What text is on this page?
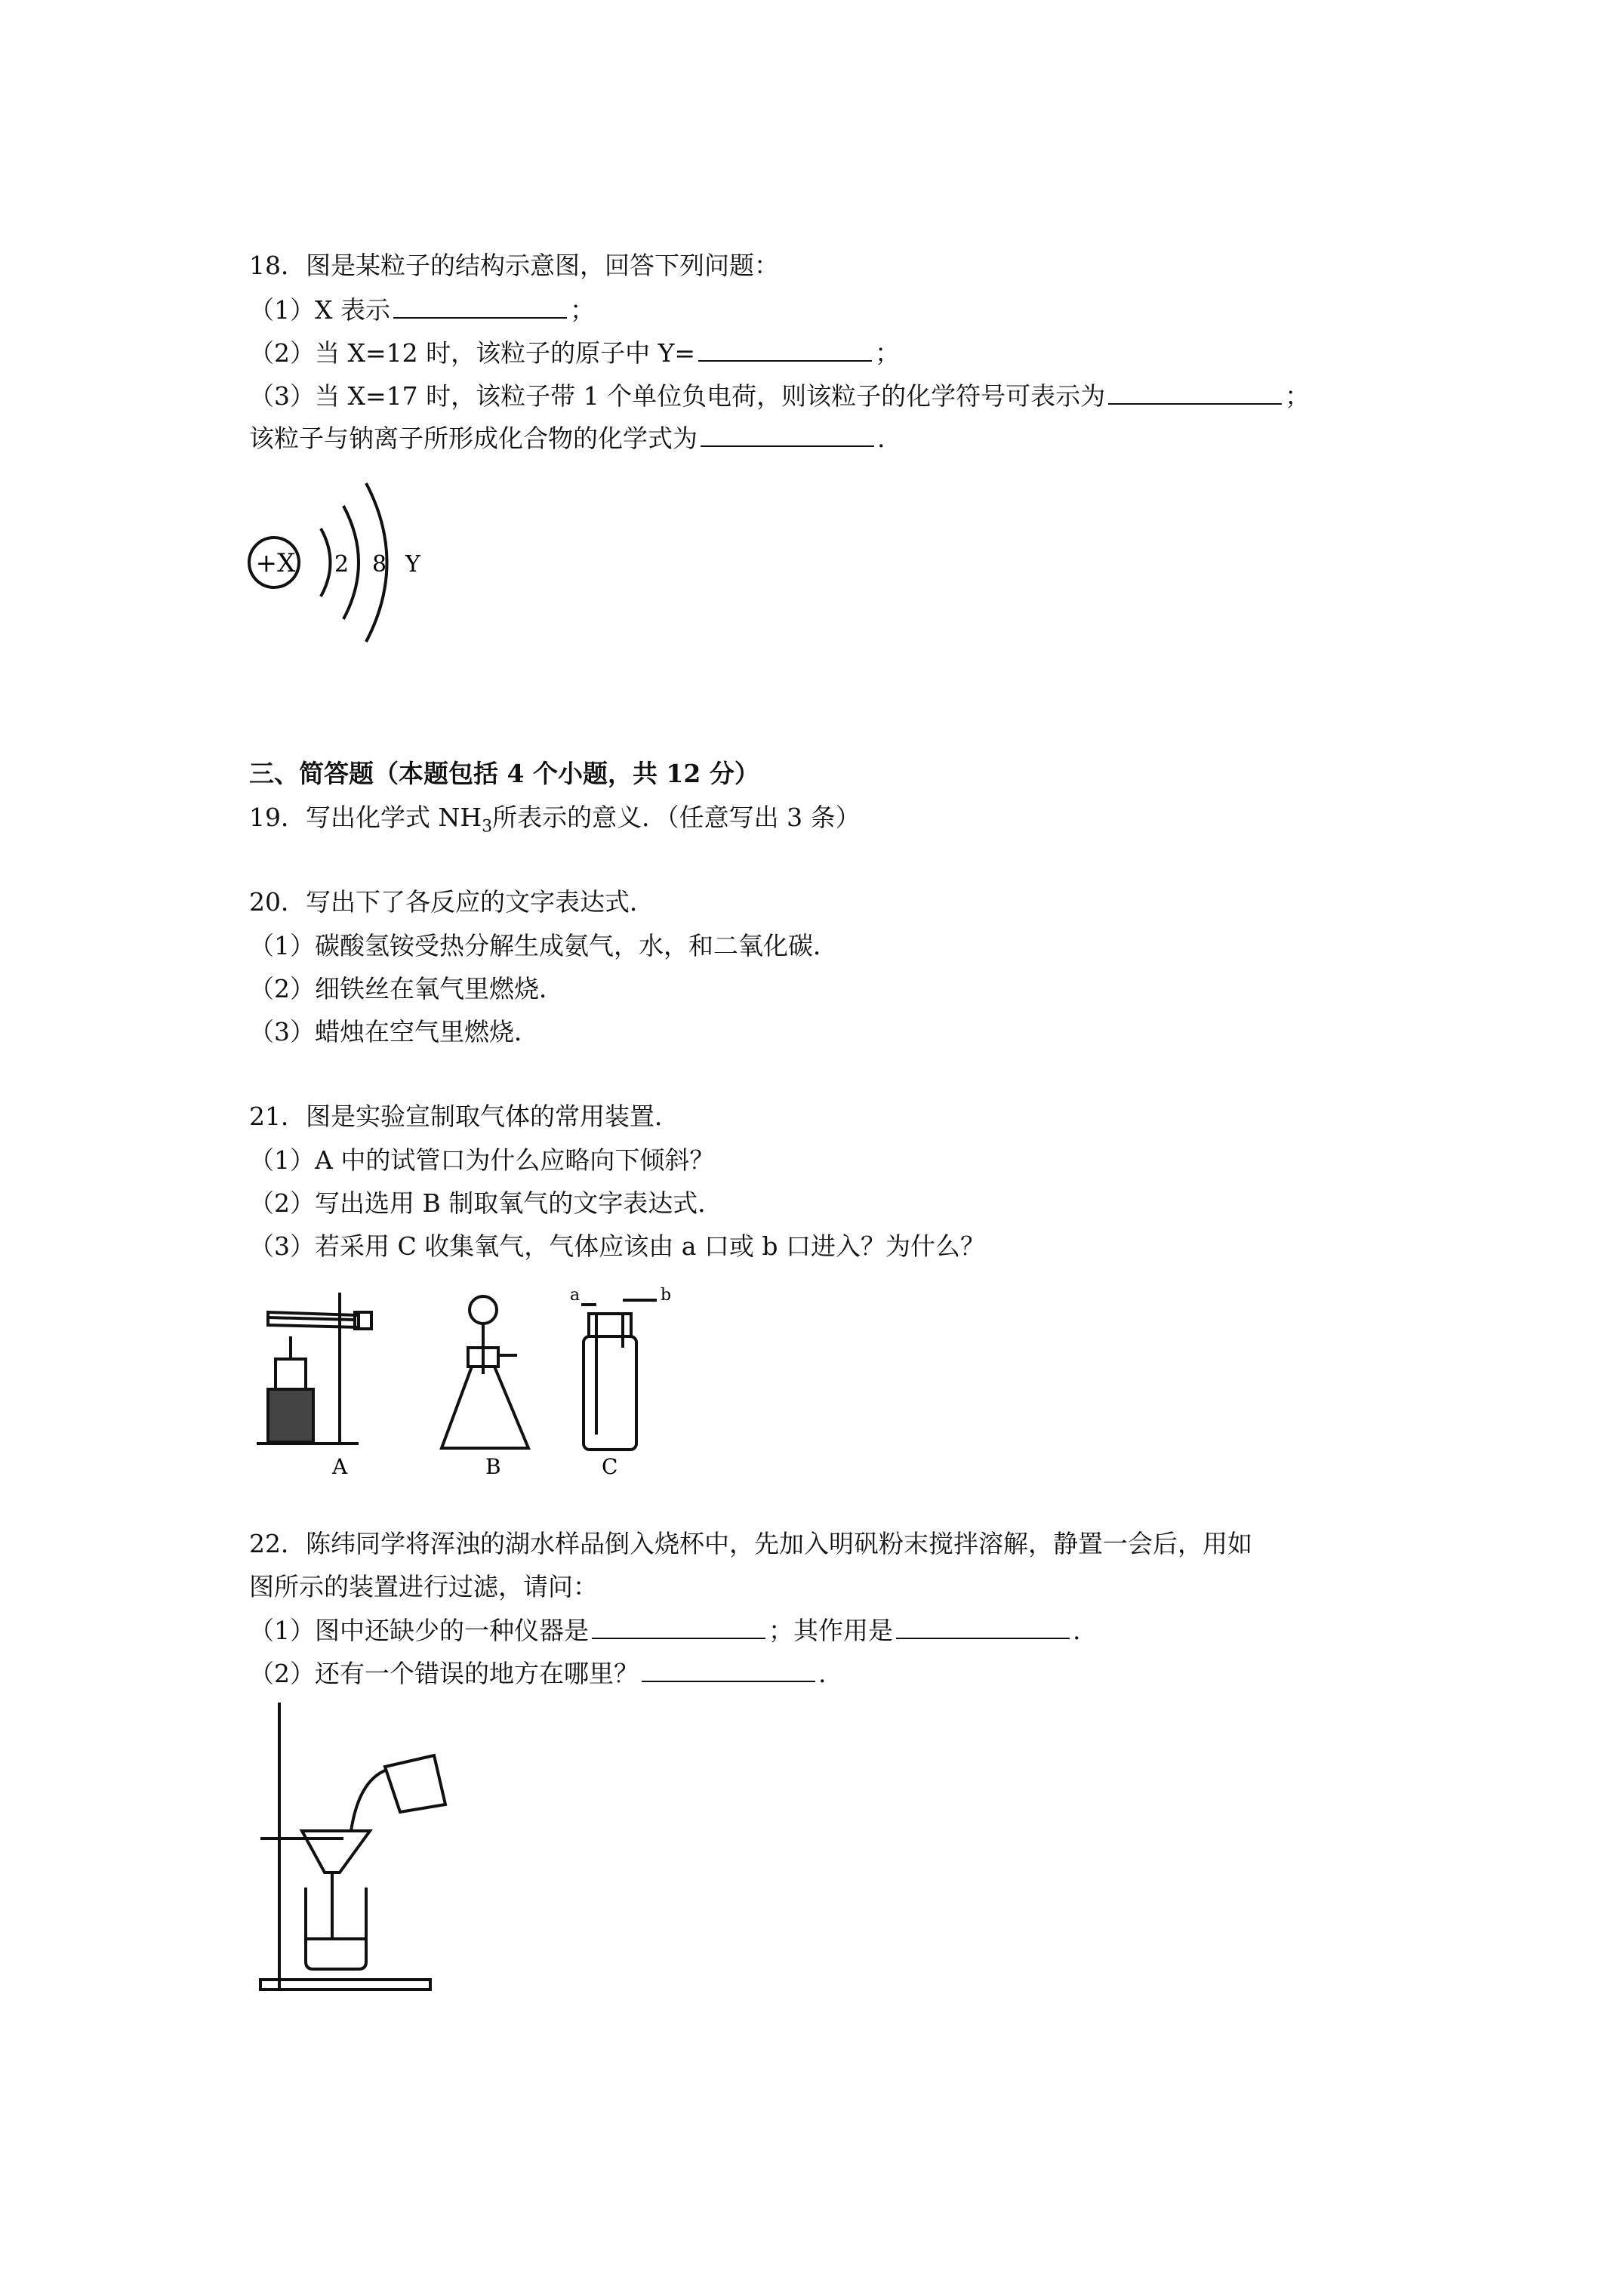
18．图是某粒子的结构示意图，回答下列问题：
（1）X 表示	；
（2）当 X=12 时，该粒子的原子中 Y=	；
（3）当 X=17 时，该粒子带 1 个单位负电荷，则该粒子的化学符号可表示为	；
该粒子与钠离子所形成化合物的化学式为	.
+X 2 8 Y
三、简答题（本题包括 4 个小题，共 12 分）
19．写出化学式 $NH_3$所表示的意义．（任意写出 3 条）
20．写出下了各反应的文字表达式．
（1）碳酸氢铵受热分解生成氨气，水，和二氧化碳．
（2）细铁丝在氧气里燃烧．
（3）蜡烛在空气里燃烧．
21．图是实验宣制取气体的常用装置．
（1）A 中的试管口为什么应略向下倾斜？
（2）写出选用 B 制取氧气的文字表达式．
（3）若采用 C 收集氧气，气体应该由 a 口或 b 口进入？为什么？
A	B
a	b
C
22．陈纬同学将浑浊的湖水样品倒入烧杯中，先加入明矾粉末搅拌溶解，静置一会后，用如
图所示的装置进行过滤，请问：
（1）图中还缺少的一种仪器是	；其作用是	.
（2）还有一个错误的地方在哪里？	.
